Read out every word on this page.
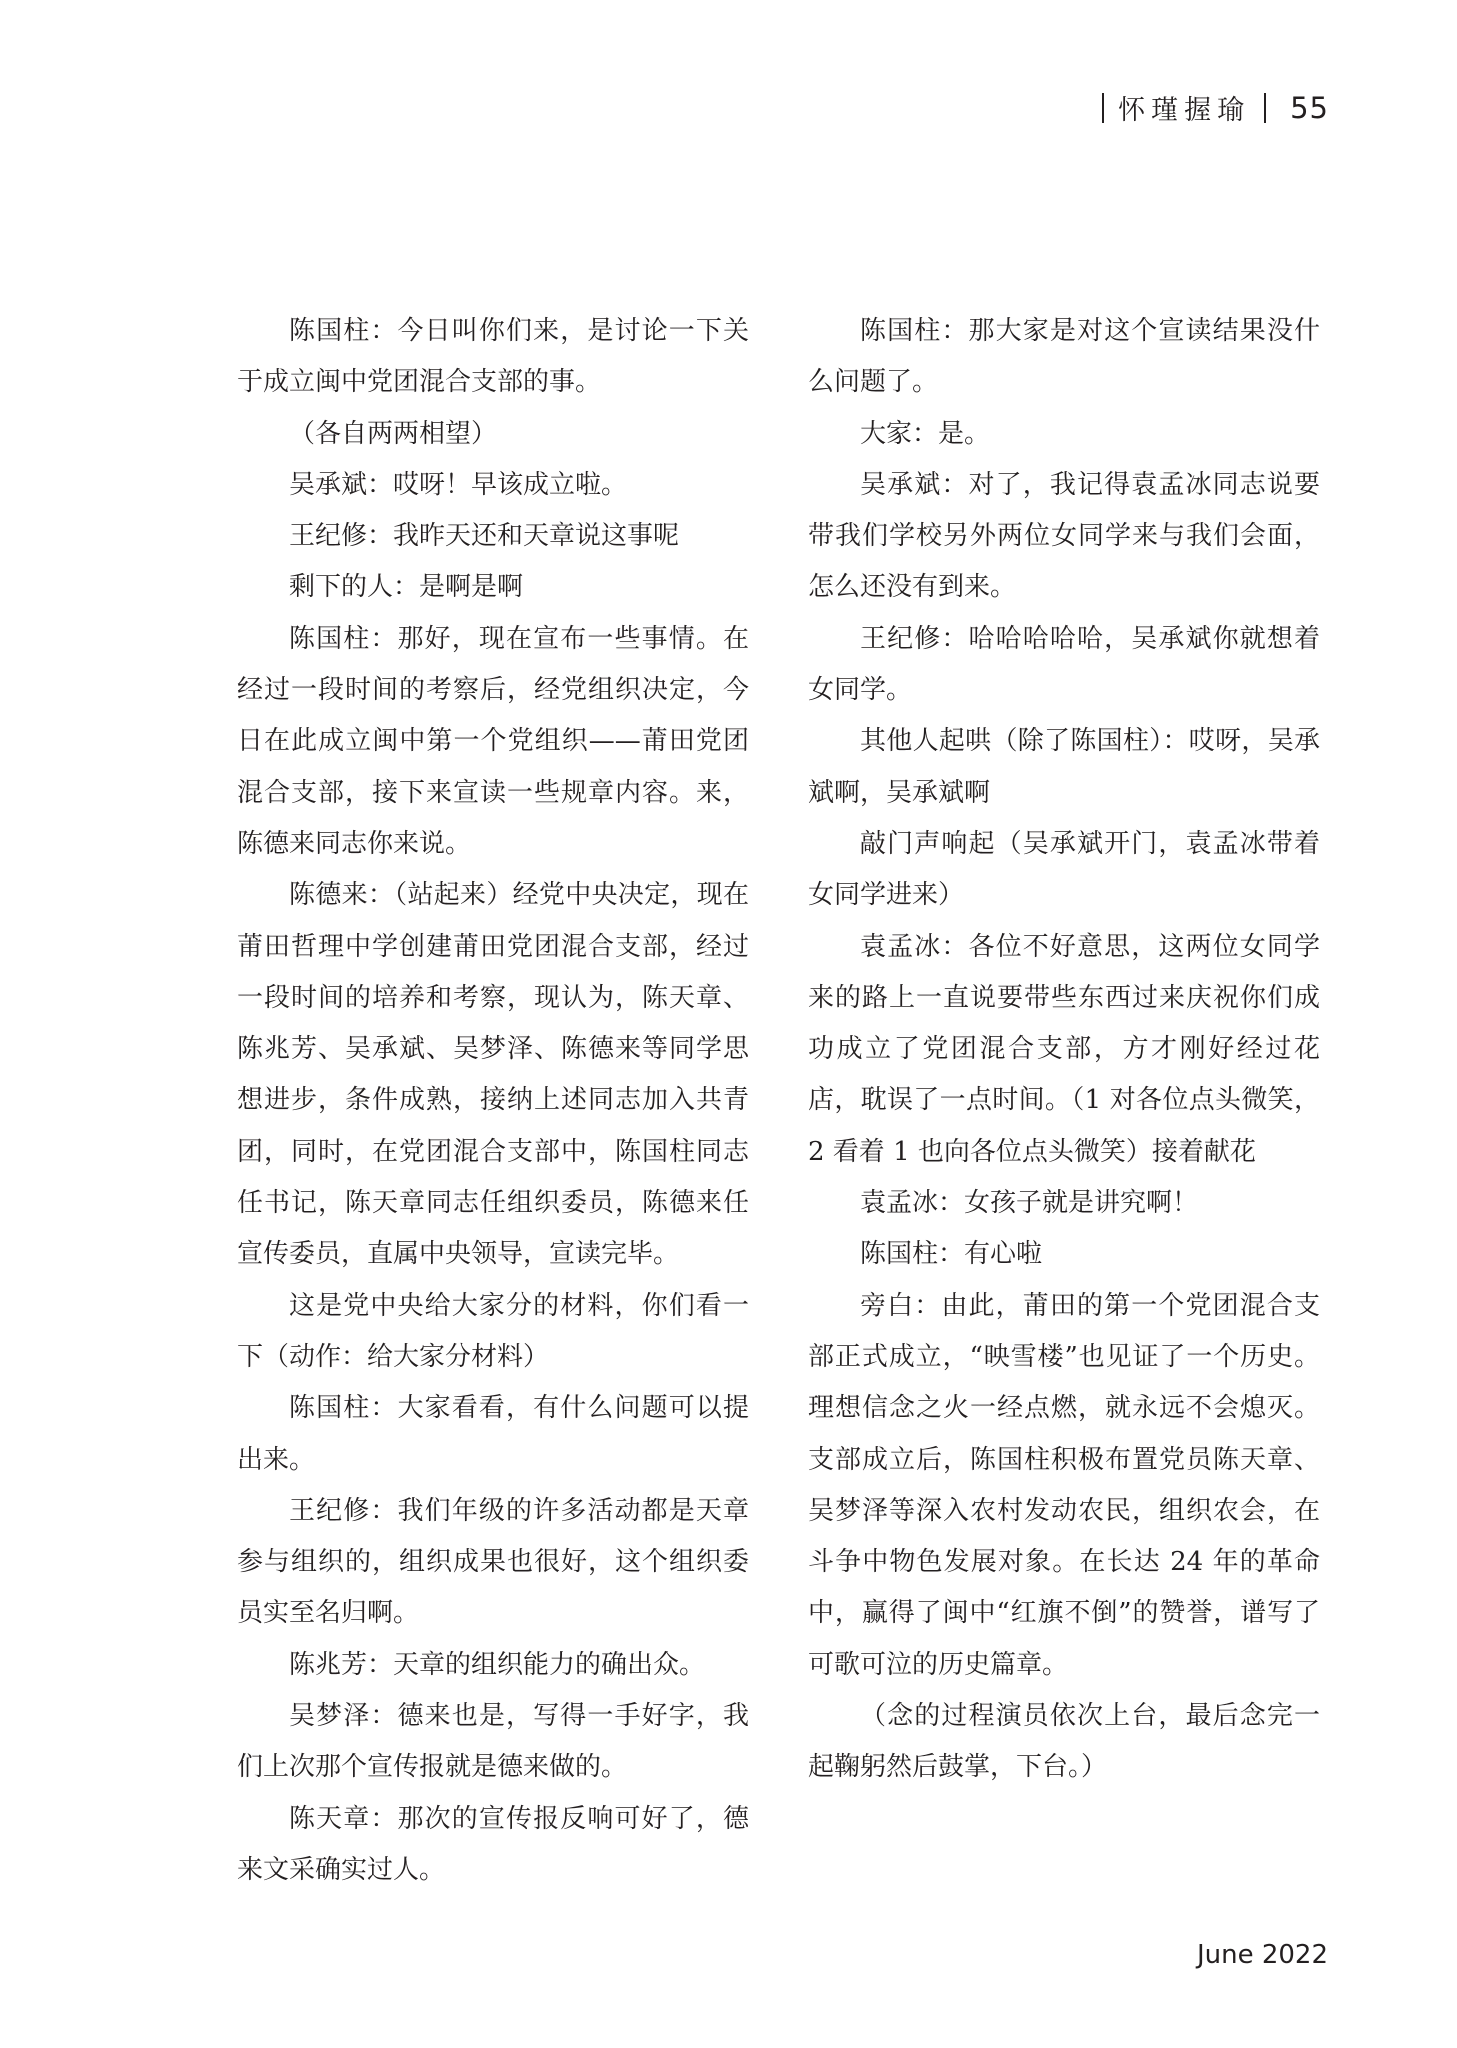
怀瑾握瑜 55

陈国柱：今日叫你们来，是讨论一下关于成立闽中党团混合支部的事。

（各自两两相望）

吴承斌：哎呀！早该成立啦。

王纪修：我昨天还和天章说这事呢

剩下的人：是啊是啊

陈国柱：那好，现在宣布一些事情。在经过一段时间的考察后，经党组织决定，今日在此成立闽中第一个党组织——莆田党团混合支部，接下来宣读一些规章内容。来，陈德来同志你来说。

陈德来：（站起来）经党中央决定，现在莆田哲理中学创建莆田党团混合支部，经过一段时间的培养和考察，现认为，陈天章、陈兆芳、吴承斌、吴梦泽、陈德来等同学思想进步，条件成熟，接纳上述同志加入共青团，同时，在党团混合支部中，陈国柱同志任书记，陈天章同志任组织委员，陈德来任宣传委员，直属中央领导，宣读完毕。

这是党中央给大家分的材料，你们看一下（动作：给大家分材料）

陈国柱：大家看看，有什么问题可以提出来。

王纪修：我们年级的许多活动都是天章参与组织的，组织成果也很好，这个组织委员实至名归啊。

陈兆芳：天章的组织能力的确出众。

吴梦泽：德来也是，写得一手好字，我们上次那个宣传报就是德来做的。

陈天章：那次的宣传报反响可好了，德来文采确实过人。

陈国柱：那大家是对这个宣读结果没什么问题了。

大家：是。

吴承斌：对了，我记得袁孟冰同志说要带我们学校另外两位女同学来与我们会面，怎么还没有到来。

王纪修：哈哈哈哈哈，吴承斌你就想着女同学。

其他人起哄（除了陈国柱）：哎呀，吴承斌啊，吴承斌啊

敲门声响起（吴承斌开门，袁孟冰带着女同学进来）

袁孟冰：各位不好意思，这两位女同学来的路上一直说要带些东西过来庆祝你们成功成立了党团混合支部，方才刚好经过花店，耽误了一点时间。（1 对各位点头微笑，2 看着 1 也向各位点头微笑）接着献花

袁孟冰：女孩子就是讲究啊！

陈国柱：有心啦

旁白：由此，莆田的第一个党团混合支部正式成立，“映雪楼”也见证了一个历史。理想信念之火一经点燃，就永远不会熄灭。支部成立后，陈国柱积极布置党员陈天章、吴梦泽等深入农村发动农民，组织农会，在斗争中物色发展对象。在长达 24 年的革命中，赢得了闽中“红旗不倒”的赞誉，谱写了可歌可泣的历史篇章。

（念的过程演员依次上台，最后念完一起鞠躬然后鼓掌，下台。）

June 2022
